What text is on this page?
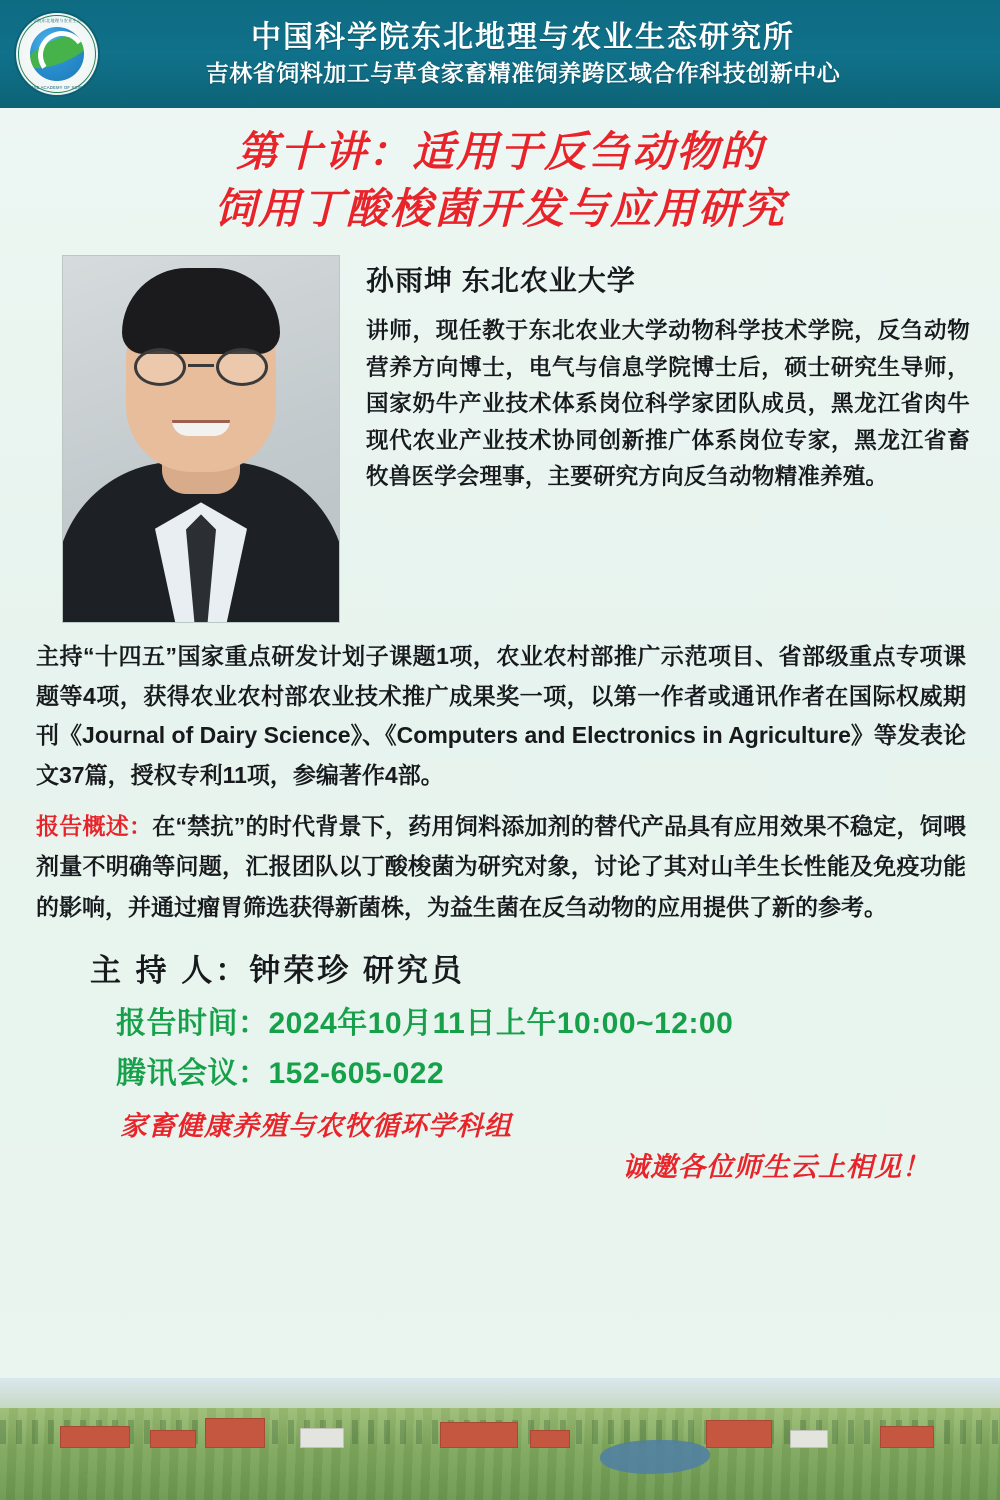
中国科学院东北地理与农业生态研究所
CHINESE ACADEMY OF SCIENCES
中国科学院东北地理与农业生态研究所
吉林省饲料加工与草食家畜精准饲养跨区域合作科技创新中心
第十讲：适用于反刍动物的
饲用丁酸梭菌开发与应用研究
孙雨坤 东北农业大学
讲师，现任教于东北农业大学动物科学技术学院，反刍动物营养方向博士，电气与信息学院博士后，硕士研究生导师，国家奶牛产业技术体系岗位科学家团队成员，黑龙江省肉牛现代农业产业技术协同创新推广体系岗位专家，黑龙江省畜牧兽医学会理事，主要研究方向反刍动物精准养殖。
主持“十四五”国家重点研发计划子课题1项，农业农村部推广示范项目、省部级重点专项课题等4项，获得农业农村部农业技术推广成果奖一项，以第一作者或通讯作者在国际权威期刊《Journal of Dairy Science》、《Computers and Electronics in Agriculture》等发表论文37篇，授权专利11项，参编著作4部。
报告概述：在“禁抗”的时代背景下，药用饲料添加剂的替代产品具有应用效果不稳定，饲喂剂量不明确等问题，汇报团队以丁酸梭菌为研究对象，讨论了其对山羊生长性能及免疫功能的影响，并通过瘤胃筛选获得新菌株，为益生菌在反刍动物的应用提供了新的参考。
主 持 人：钟荣珍 研究员
报告时间：2024年10月11日上午10:00~12:00
腾讯会议：152-605-022
家畜健康养殖与农牧循环学科组
诚邀各位师生云上相见！
